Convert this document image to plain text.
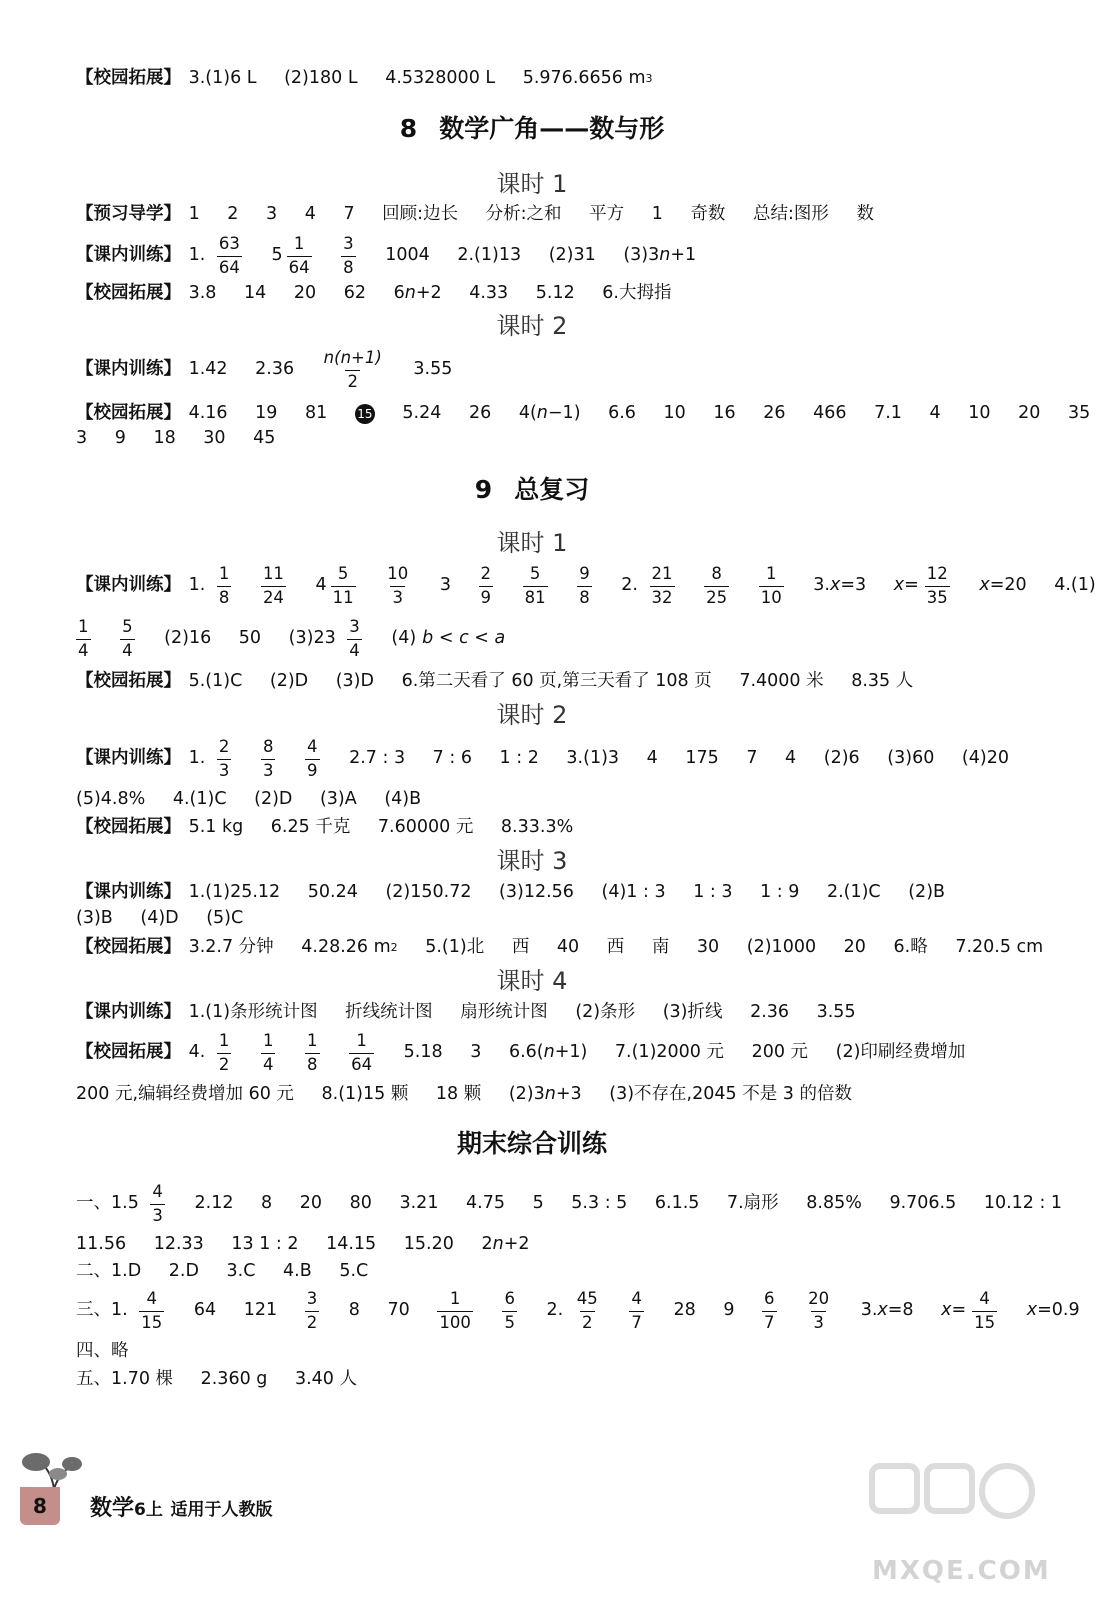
【校园拓展】 3.(1)6 L (2)180 L 4.5328000 L 5.976.6656 m3
8 数学广角——数与形
课时 1
【预习导学】 1 2 3 4 7 回顾:边长 分析:之和 平方 1 奇数 总结:图形 数
【课内训练】 1. $\frac{63}{64}$
$5 \frac{1}{64}$
$\frac{3}{8} 1004$ 2.(1)13 (2)31 (3)3n+1
【校园拓展】 3.8 14 20 62 6n+2 4.33 5.12 6.大拇指
课时 2
【课内训练】 1.42 $2.36 \frac{n(n+1)}{2} 3.55$
【校园拓展】 4.16 19 81 15 5.24 26 4(n−1) 6.6 10 16 26 466 7.1 4 10 20 35
3 9 18 30 45
9 总复习
课时 1
【课内训练】 1. $\frac{1}{8}$
$\frac{11}{24}$
$4 \frac{5}{11}$
$\frac{10}{3} 3 \frac{2}{9}$
$\frac{5}{81}$
$\frac{9}{8} 2$. $\frac{21}{32}$
$\frac{8}{25}$
$\frac{1}{10} 3.x=3$ $x= \frac{12}{35} x=20$ 4.(1)
$\frac{1}{4}$
$\frac{5}{4} (2)16$ 50 $(3)23 \frac{3}{4} (4) b < c < a$
【校园拓展】 5.(1)C (2)D (3)D 6.第二天看了 60 页,第三天看了 108 页 7.4000 米 8.35 人
课时 2
【课内训练】 1. $\frac{2}{3}$
$\frac{8}{3}$
$\frac{4}{9} 2.7$ : 3 7 : 6 1 : 2 3.(1)3 4 175 7 4 (2)6 (3)60 (4)20
(5)4.8% 4.(1)C (2)D (3)A (4)B
【校园拓展】 5.1 kg 6.25 千克 7.60000 元 8.33.3%
课时 3
【课内训练】 1.(1)25.12 50.24 (2)150.72 (3)12.56 (4)1 : 3 1 : 3 1 : 9 2.(1)C (2)B
(3)B (4)D (5)C
【校园拓展】 3.2.7 分钟 4.28.26 m2 5.(1)北 西 40 西 南 30 (2)1000 20 6.略 7.20.5 cm
课时 4
【课内训练】 1.(1)条形统计图 折线统计图 扇形统计图 (2)条形 (3)折线 2.36 3.55
【校园拓展】 4. $\frac{1}{2}$
$\frac{1}{4}$
$\frac{1}{8}$
$\frac{1}{64} 5.18$ 3 6.6(n+1) 7.(1)2000 元 200 元 (2)印刷经费增加
200 元,编辑经费增加 60 元 8.(1)15 颗 18 颗 (2)3n+3 (3)不存在,2045 不是 3 的倍数
期末综合训练
一、$1.5 \frac{4}{3} 2.12$ 8 20 80 3.21 4.75 5 5.3 : 5 6.1.5 7.扇形 8.85% 9.706.5 10.12 : 1
11.56 12.33 13 1 : 2 14.15 15.20 2n+2
二、1.D 2.D 3.C 4.B 5.C
三、1. $\frac{4}{15} 64$ $121 \frac{3}{2} 8$ $70 \frac{1}{100}$
$\frac{6}{5} 2$. $\frac{45}{2}$
$\frac{4}{7} 28$ $9 \frac{6}{7}$
$\frac{20}{3} 3.x=8$ $x= \frac{4}{15} x=0.9$
四、略
五、1.70 棵 2.360 g 3.40 人
8	数学6上 适用于人教版
MXQE.COM
